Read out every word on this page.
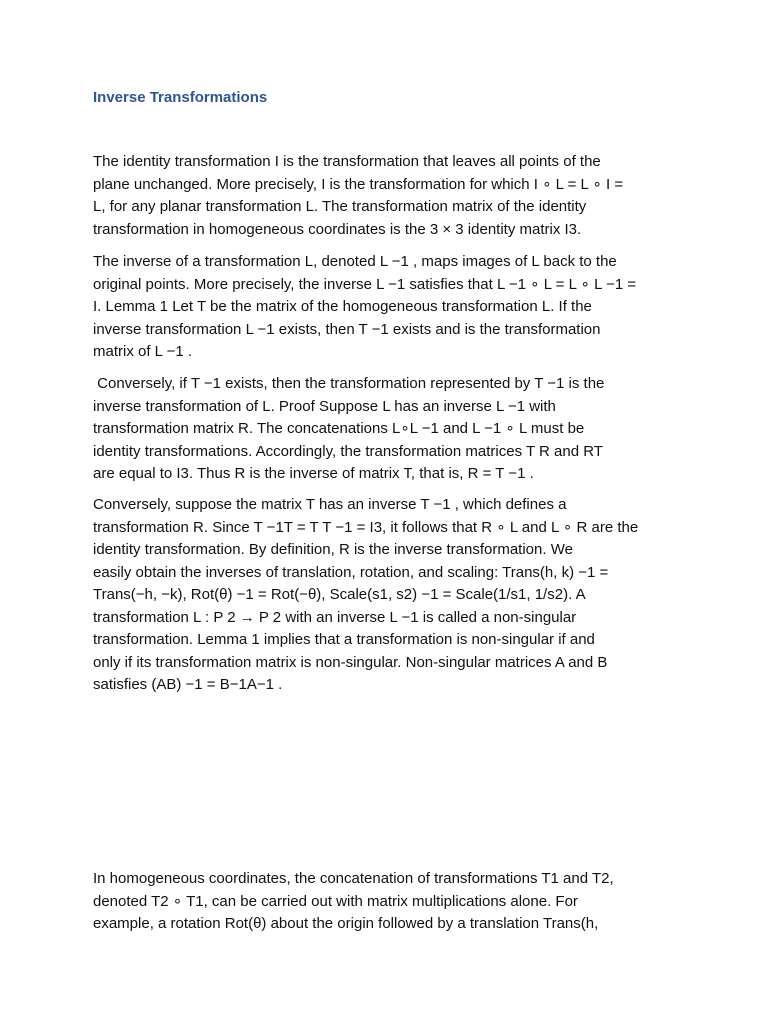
Inverse Transformations
The identity transformation I is the transformation that leaves all points of the
plane unchanged. More precisely, I is the transformation for which I ∘ L = L ∘ I =
L, for any planar transformation L. The transformation matrix of the identity
transformation in homogeneous coordinates is the 3 × 3 identity matrix I3.
The inverse of a transformation L, denoted L −1 , maps images of L back to the
original points. More precisely, the inverse L −1 satisfies that L −1 ∘ L = L ∘ L −1 =
I. Lemma 1 Let T be the matrix of the homogeneous transformation L. If the
inverse transformation L −1 exists, then T −1 exists and is the transformation
matrix of L −1 .
Conversely, if T −1 exists, then the transformation represented by T −1 is the
inverse transformation of L. Proof Suppose L has an inverse L −1 with
transformation matrix R. The concatenations L∘L −1 and L −1 ∘ L must be
identity transformations. Accordingly, the transformation matrices T R and RT
are equal to I3. Thus R is the inverse of matrix T, that is, R = T −1 .
Conversely, suppose the matrix T has an inverse T −1 , which defines a
transformation R. Since T −1T = T T −1 = I3, it follows that R ∘ L and L ∘ R are the
identity transformation. By definition, R is the inverse transformation. We
easily obtain the inverses of translation, rotation, and scaling: Trans(h, k) −1 =
Trans(−h, −k), Rot(θ) −1 = Rot(−θ), Scale(s1, s2) −1 = Scale(1/s1, 1/s2). A
transformation L : P 2 → P 2 with an inverse L −1 is called a non-singular
transformation. Lemma 1 implies that a transformation is non-singular if and
only if its transformation matrix is non-singular. Non-singular matrices A and B
satisfies (AB) −1 = B−1A−1 .
In homogeneous coordinates, the concatenation of transformations T1 and T2,
denoted T2 ∘ T1, can be carried out with matrix multiplications alone. For
example, a rotation Rot(θ) about the origin followed by a translation Trans(h,
